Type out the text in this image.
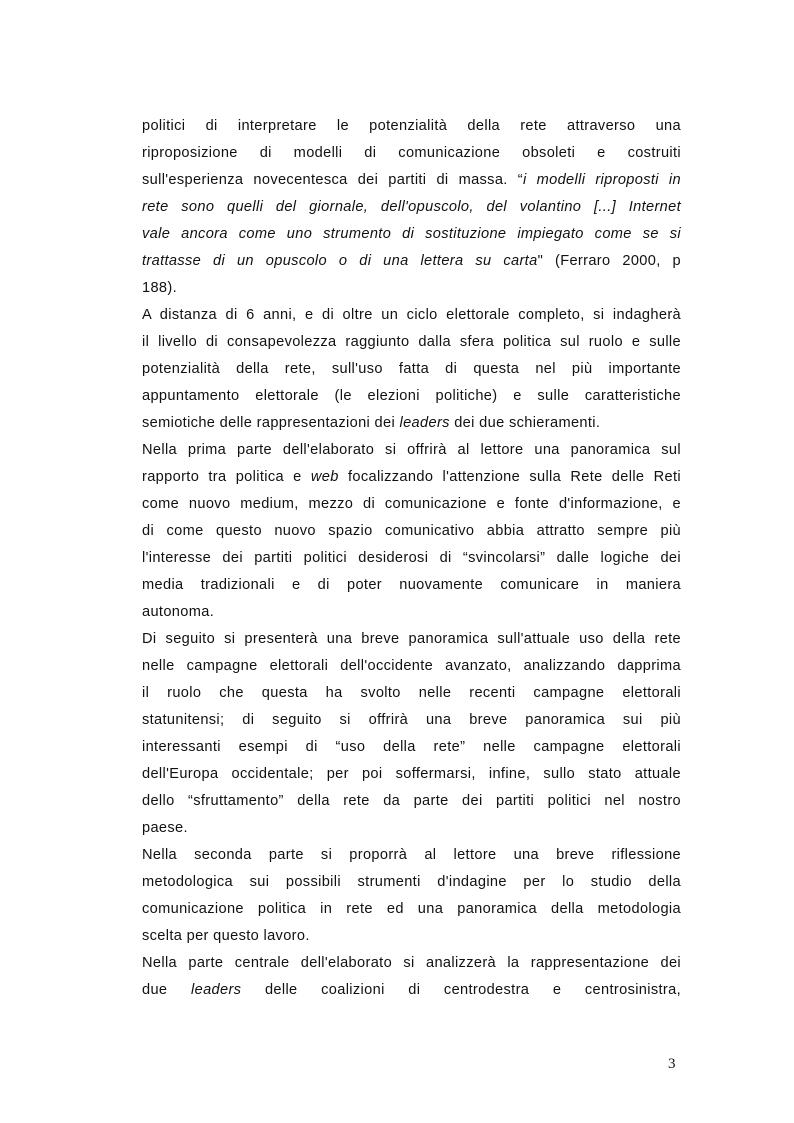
politici di interpretare le potenzialità della rete attraverso una
riproposizione di modelli di comunicazione obsoleti e costruiti
sull'esperienza novecentesca dei partiti di massa. “i modelli riproposti in
rete sono quelli del giornale, dell'opuscolo, del volantino [...] Internet
vale ancora come uno strumento di sostituzione impiegato come se si
trattasse di un opuscolo o di una lettera su carta" (Ferraro 2000, p
188).
A distanza di 6 anni, e di oltre un ciclo elettorale completo, si indagherà
il livello di consapevolezza raggiunto dalla sfera politica sul ruolo e sulle
potenzialità della rete, sull'uso fatta di questa nel più importante
appuntamento elettorale (le elezioni politiche) e sulle caratteristiche
semiotiche delle rappresentazioni dei leaders dei due schieramenti.
Nella prima parte dell'elaborato si offrirà al lettore una panoramica sul
rapporto tra politica e web focalizzando l'attenzione sulla Rete delle Reti
come nuovo medium, mezzo di comunicazione e fonte d'informazione, e
di come questo nuovo spazio comunicativo abbia attratto sempre più
l'interesse dei partiti politici desiderosi di “svincolarsi” dalle logiche dei
media tradizionali e di poter nuovamente comunicare in maniera
autonoma.
Di seguito si presenterà una breve panoramica sull'attuale uso della rete
nelle campagne elettorali dell'occidente avanzato, analizzando dapprima
il ruolo che questa ha svolto nelle recenti campagne elettorali
statunitensi; di seguito si offrirà una breve panoramica sui più
interessanti esempi di “uso della rete” nelle campagne elettorali
dell'Europa occidentale; per poi soffermarsi, infine, sullo stato attuale
dello “sfruttamento” della rete da parte dei partiti politici nel nostro
paese.
Nella seconda parte si proporrà al lettore una breve riflessione
metodologica sui possibili strumenti d'indagine per lo studio della
comunicazione politica in rete ed una panoramica della metodologia
scelta per questo lavoro.
Nella parte centrale dell'elaborato si analizzerà la rappresentazione dei
due leaders delle coalizioni di centrodestra e centrosinistra,
3
